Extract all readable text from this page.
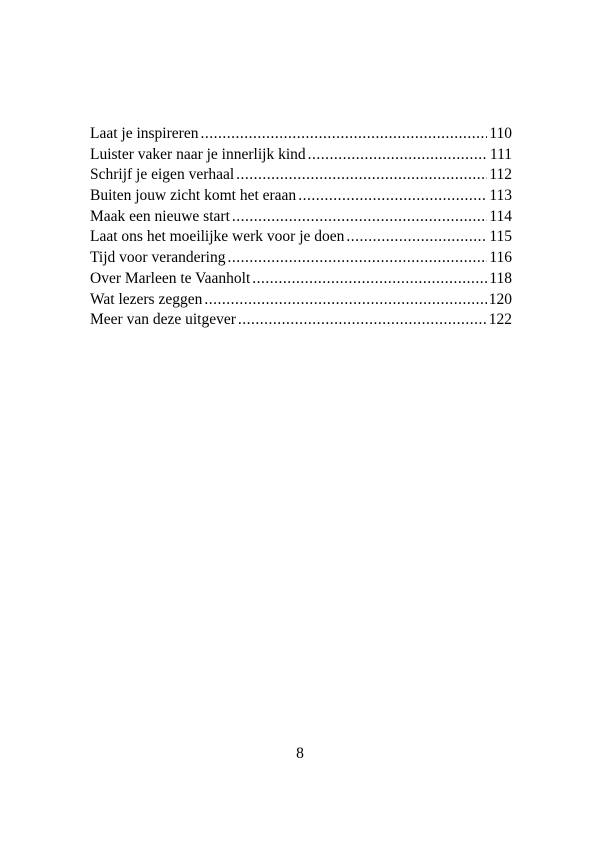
Laat je inspireren .....	110
Luister vaker naar je innerlijk kind .....	111
Schrijf je eigen verhaal .....	112
Buiten jouw zicht komt het eraan .....	113
Maak een nieuwe start .....	114
Laat ons het moeilijke werk voor je doen .....	115
Tijd voor verandering .....	116
Over Marleen te Vaanholt .....	118
Wat lezers zeggen .....	120
Meer van deze uitgever .....	122
8
